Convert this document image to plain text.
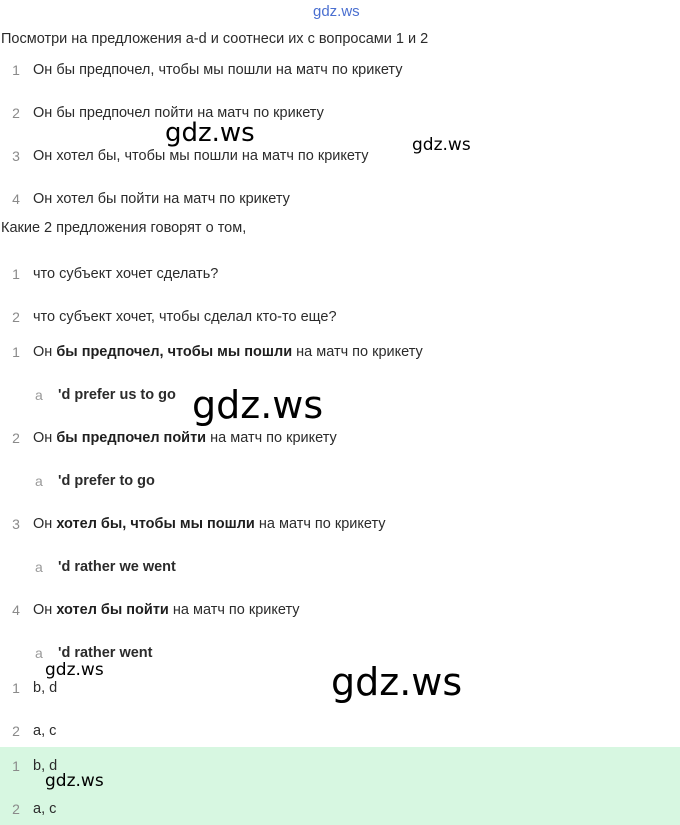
gdz.ws
Посмотри на предложения a-d и соотнеси их с вопросами 1 и 2
1 Он бы предпочел, чтобы мы пошли на матч по крикету
2 Он бы предпочел пойти на матч по крикету
3 Он хотел бы, чтобы мы пошли на матч по крикету
4 Он хотел бы пойти на матч по крикету
Какие 2 предложения говорят о том,
1 что субъект хочет сделать?
2 что субъект хочет, чтобы сделал кто-то еще?
1 Он бы предпочел, чтобы мы пошли на матч по крикету
a 'd prefer us to go
2 Он бы предпочел пойти на матч по крикету
a 'd prefer to go
3 Он хотел бы, чтобы мы пошли на матч по крикету
a 'd rather we went
4 Он хотел бы пойти на матч по крикету
a 'd rather went
1 b, d
2 a, c
1 b, d
2 a, c
gdz.ws	gdz.ws
gdz.ws
gdz.ws	gdz.ws
gdz.ws
